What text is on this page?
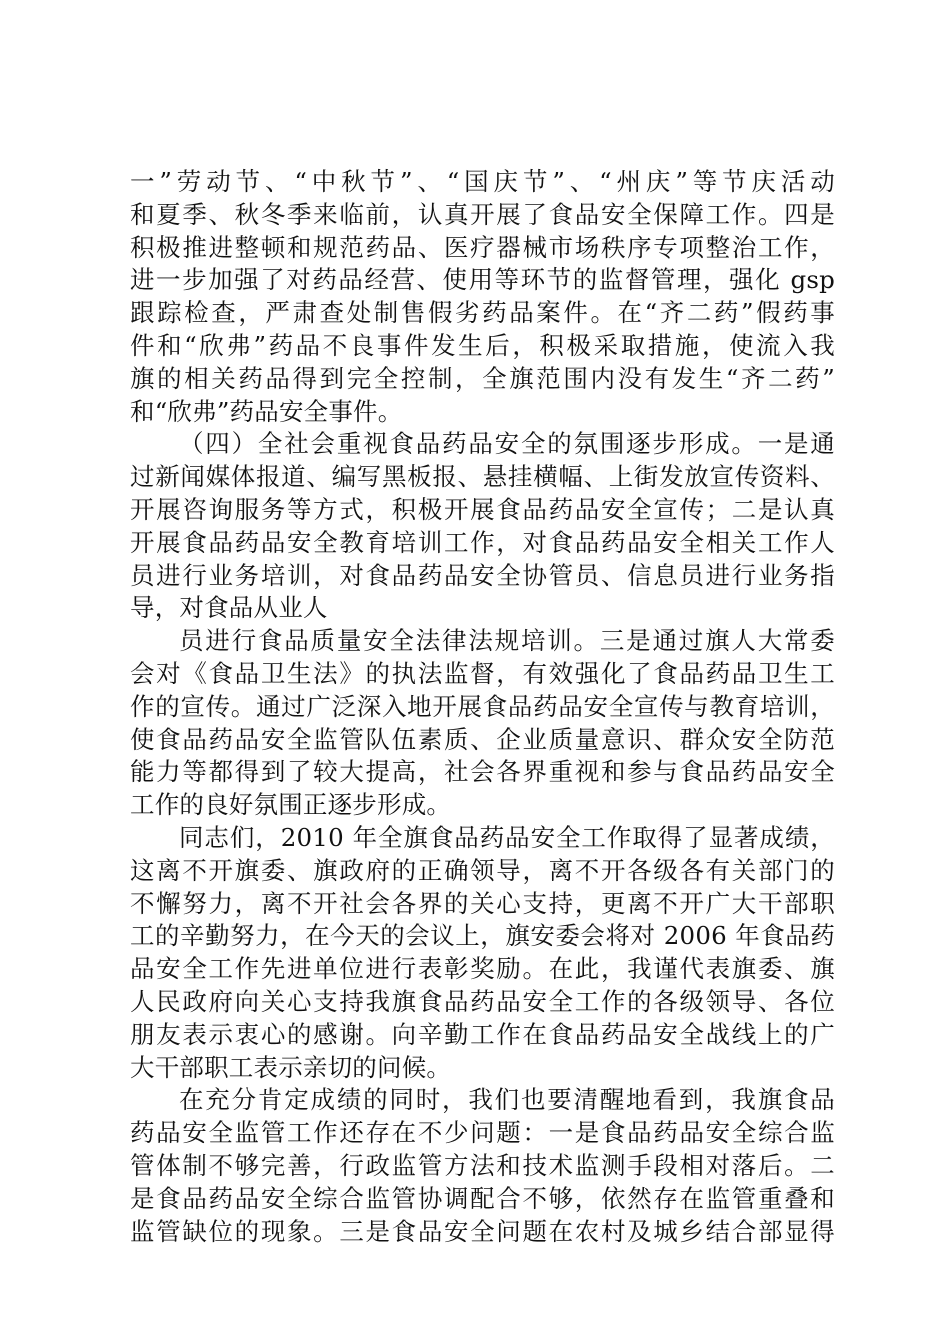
一”劳动节、“中秋节”、“国庆节”、“州庆”等节庆活动
和夏季、秋冬季来临前，认真开展了食品安全保障工作。四是
积极推进整顿和规范药品、医疗器械市场秩序专项整治工作，
进一步加强了对药品经营、使用等环节的监督管理，强化 gsp
跟踪检查，严肃查处制售假劣药品案件。在“齐二药”假药事
件和“欣弗”药品不良事件发生后，积极采取措施，使流入我
旗的相关药品得到完全控制，全旗范围内没有发生“齐二药”
和“欣弗”药品安全事件。
（四）全社会重视食品药品安全的氛围逐步形成。一是通
过新闻媒体报道、编写黑板报、悬挂横幅、上街发放宣传资料、
开展咨询服务等方式，积极开展食品药品安全宣传；二是认真
开展食品药品安全教育培训工作，对食品药品安全相关工作人
员进行业务培训，对食品药品安全协管员、信息员进行业务指
导，对食品从业人
员进行食品质量安全法律法规培训。三是通过旗人大常委
会对《食品卫生法》的执法监督，有效强化了食品药品卫生工
作的宣传。通过广泛深入地开展食品药品安全宣传与教育培训，
使食品药品安全监管队伍素质、企业质量意识、群众安全防范
能力等都得到了较大提高，社会各界重视和参与食品药品安全
工作的良好氛围正逐步形成。
同志们，2010 年全旗食品药品安全工作取得了显著成绩，
这离不开旗委、旗政府的正确领导，离不开各级各有关部门的
不懈努力，离不开社会各界的关心支持，更离不开广大干部职
工的辛勤努力，在今天的会议上，旗安委会将对 2006 年食品药
品安全工作先进单位进行表彰奖励。在此，我谨代表旗委、旗
人民政府向关心支持我旗食品药品安全工作的各级领导、各位
朋友表示衷心的感谢。向辛勤工作在食品药品安全战线上的广
大干部职工表示亲切的问候。
在充分肯定成绩的同时，我们也要清醒地看到，我旗食品
药品安全监管工作还存在不少问题：一是食品药品安全综合监
管体制不够完善，行政监管方法和技术监测手段相对落后。二
是食品药品安全综合监管协调配合不够，依然存在监管重叠和
监管缺位的现象。三是食品安全问题在农村及城乡结合部显得
